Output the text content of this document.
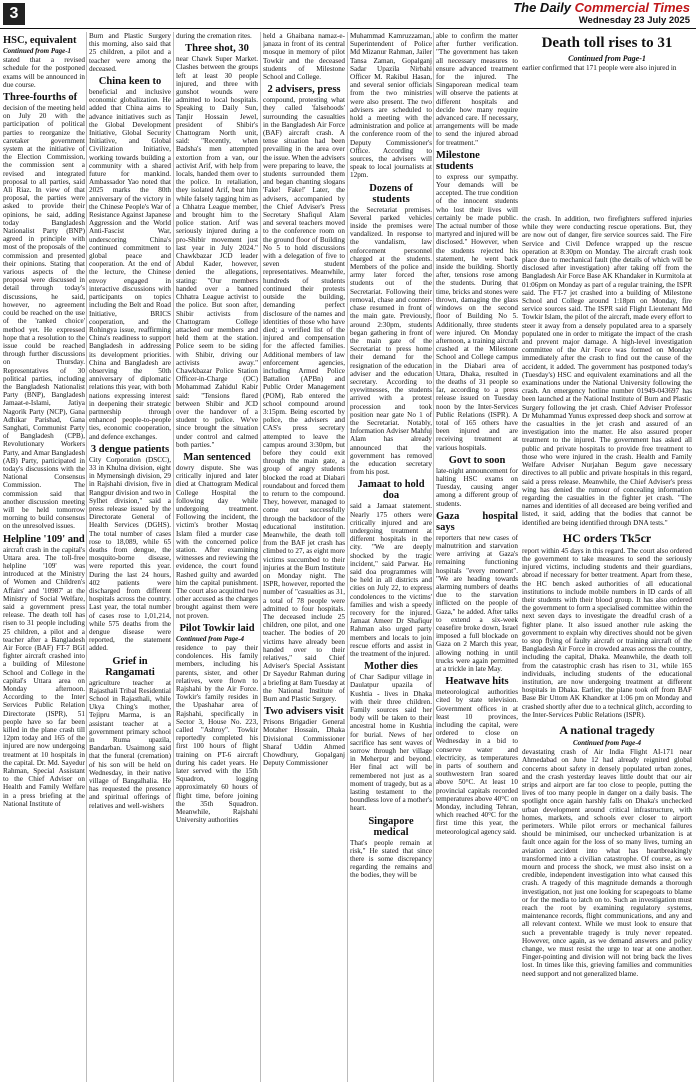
3	The Daily Commercial Times
Wednesday 23 July 2025
HSC, equivalent
Continued from Page-1

stated that a revised schedule for the postponed exams will be announced in due course.

Three-fourths of

decision of the meeting held on July 20 with the participation of political parties to reorganize the caretaker government system at the initiative of the Election Commission, the commission sent a revised and integrated proposal to all parties, said Ali Riaz. In view of that proposal, the parties were asked to provide their opinions, he said, adding today Bangladesh Nationalist Party (BNP) agreed in principle with most of the proposals of the commission and presented their opinions. Stating that various aspects of the proposal were discussed in detail through today's discussions, he said, however, no agreement could be reached on the use of the 'ranked choice' method yet. He expressed hope that a resolution to the issue could be reached through further discussions on Thursday. Representatives of 30 political parties, including the Bangladesh Nationalist Party (BNP), Bangladesh Jamaat-e-Islami, Jatiya Nagorik Party (NCP), Gana Adhikar Parishad, Gana Sanghati, Communist Party of Bangladesh (CPB), Revolutionary Workers Party, and Amar Bangladesh (AB) Party, participated in today's discussions with the National Consensus Commission. The commission said that another discussion meeting will be held tomorrow morning to build consensus on the unresolved issues.

Helpline '109' and

aircraft crash in the capital's Uttara area. The toll-free helpline '109' was introduced at the Ministry of Women and Children's Affairs' and '10987' at the Ministry of Social Welfare, said a government press release. The death toll has risen to 31 people including 25 children, a pilot and a teacher after a Bangladesh Air Force (BAF) FT-7 BGI fighter aircraft crashed into a building of Milestone School and College in the capital's Uttara area on Monday afternoon. According to the Inter Services Public Relation Directorate (ISPR), 51 people have so far been killed in the plane crash till 12pm today and 165 of the injured are now undergoing treatment at 10 hospitals in the capital. Dr. Md. Sayedur Rahman, Special Assistant to the Chief Adviser on Health and Family Welfare in a press briefing at the National Institute of

Burn and Plastic Surgery this morning, also said that 25 children, a pilot and a teacher were among the deceased.

China keen to

beneficial and inclusive economic globalization. He added that China aims to advance initiatives such as the Global Development Initiative, Global Security Initiative, and Global Civilization Initiative, working towards building a community with a shared future for mankind. Ambassador Yao noted that 2025 marks the 80th anniversary of the victory in the Chinese People's War of Resistance Against Japanese Aggression and the World Anti-Fascist War, underscoring China's continued commitment to global peace and cooperation. At the end of the lecture, the Chinese envoy engaged in interactive discussions with participants on topics including the Belt and Road Initiative, BRICS cooperation, and the Rohingya issue, reaffirming China's readiness to support Bangladesh in addressing its development priorities. China and Bangladesh are observing the 50th anniversary of diplomatic relations this year, with both nations expressing interest in deepening their strategic partnership through enhanced people-to-people ties, economic cooperation, and defence exchanges.

3 dengue patients

City Corporation (DSCC), 33 in Khulna division, eight in Mymensingh division, 29 in Rajshahi division, five in Rangpur division and two in Sylhet division," said a press release issued by the Directorate General of Health Services (DGHS). The total number of cases rose to 18,089, while 65 deaths from dengue, the mosquito-borne disease, were reported this year. During the last 24 hours, 402 patients were discharged from different hospitals across the country. Last year, the total number of cases rose to 1,01,214, while 575 deaths from the dengue disease were reported, the statement added.

Grief in Rangamati

agriculture teacher at Rajasthali Tribal Residential School in Rajasthali, while Ukya Ching's mother, Tejipru Marma, is an assistant teacher at a government primary school in Ruma upazila, Bandarban. Usaimong said that the funeral (cremation) of his son will be held on Wednesday, in their native village of Bangalhalia. He has requested the presence and spiritual offerings of relatives and well-wishers

during the cremation rites.

Three shot, 30

near Chawk Super Market. Clashes between the groups left at least 30 people injured, and three with gunshot wounds were admitted to local hospitals. Speaking to Daily Sun, Tanjir Hossain Jewel, president of Shibir's Chattogram North unit, said: "Recently, when Badsha's men attempted extortion from a van, our activist Arif, with help from locals, handed them over to the police. In retaliation, they isolated Arif, beat him while falsely tagging him as a Chhatra League member, and brought him to the police station. Arif was seriously injured during a pro-Shibir movement just last year in July 2024." Chawkbazar JCD leader Abdul Kader, however, denied the allegations, stating: "Our members handed over a banned Chhatra League activist to the police. But soon after, Shibir activists from Chattogram College attacked our members and held them at the station. Police seem to be siding with Shibir, driving our activists away." Chawkbazar Police Station Officer-in-Charge (OC) Mohammad Zahidul Kabir said: "Tensions flared between Shibir and JCD over the handover of a student to police. We've since brought the situation under control and calmed both parties."

Man sentenced

dowry dispute. She was critically injured and later died at Chattogram Medical College Hospital the following day while undergoing treatment. Following the incident, the victim's brother Mostaq Islam filed a murder case with the concerned police station. After examining witnesses and reviewing the evidence, the court found Rashed guilty and awarded him the capital punishment. The court also acquitted two other accused as the charges brought against them were not proven.

Pilot Towkir laid
Continued from Page-4

residence to pay their condolences. His family members, including his parents, sister, and other relatives, were flown to Rajshahi by the Air Force. Towkir's family resides in the Upashahar area of Rajshahi, specifically in Sector 3, House No. 223, called "Ashroy". Towkir reportedly completed his first 100 hours of flight training on PT-6 aircraft during his cadet years. He later served with the 15th Squadron, logging approximately 60 hours of flight time, before joining the 35th Squadron. Meanwhile, Rajshahi University authorities

held a Ghaibana namaz-e-janaza in front of its central mosque in memory of pilot Towkir and the deceased students of Milestone School and College.

2 advisers, press

compound, protesting what they called 'falsehoods' surrounding the casualties in the Bangladesh Air Force (BAF) aircraft crash. A tense situation had been prevailing in the area over the issue. When the advisers were preparing to leave, the students surrounded them and began chanting slogans 'Fake! Fake!' Later, the advisers, accompanied by the Chief Adviser's Press Secretary Shafiqul Alam and several teachers moved to the conference room on the ground floor of Building No 5 to hold discussions with a delegation of five to seven student representatives. Meanwhile, hundreds of students continued their protests outside the building, demanding perfect disclosure of the names and identities of those who have died; a verified list of the injured and compensation for the affected families. Additional members of law enforcement agencies, including Armed Police Battalion (APBn) and Public Order Management (POM), Rab entered the school compound around 3:15pm. Being escorted by police, the advisers and CAS's press secretary attempted to leave the campus around 3:30pm, but before they could exit through the main gate, a group of angry students blocked the road at Diabari roundabout and forced them to return to the compound. They, however, managed to come out successfully through the backdoor of the educational institution. Meanwhile, the death toll from the BAF jet crash has climbed to 27, as eight more victims succumbed to their injuries at the Burn Institute on Monday night. The ISPR, however, reported the number of "casualties as 31, a total of 78 people were admitted to four hospitals. The deceased include 25 children, one pilot, and one teacher. The bodies of 20 victims have already been handed over to their relatives," said Chief Adviser's Special Assistant Dr Sayedur Rahman during a briefing at 8am Tuesday at the National Institute of Burn and Plastic Surgery.

Two advisers visit

Prisons Brigadier General Motaher Hossain, Dhaka Divisional Commissioner Sharaf Uddin Ahmed Chowdhury, Gopalganj Deputy Commissioner

Muhammad Kamruzzaman, Superintendent of Police Md Mizanur Rahman, Jailer Tansa Zaman, Gopalganj Sadar Upazila Nirbahi Officer M. Rakibul Hasan, and several senior officials from the two ministries were also present. The two advisers are scheduled to hold a meeting with the administration and police at the conference room of the Deputy Commissioner's Office. According to sources, the advisers will speak to local journalists at 12pm.

Dozens of students

the Secretariat premises. Several parked vehicles inside the premises were vandalized. In response to the vandalism, law enforcement personnel charged at the students. Members of the police and army later forced the students out of the Secretariat. Following their removal, chase and counter-chase resumed in front of the main gate. Previously, around 2:30pm, students began gathering in front of the main gate of the Secretariat to press home their demand for the resignation of the education adviser and the education secretary. According to eyewitnesses, the students arrived with a protest procession and took position near gate No 1 of the Secretariat. Notably, Information Adviser Mahfuj Alam has already announced that the government has removed the education secretary from his post.

Jamaat to hold doa

said a Jamaat statement. Nearly 175 others were critically injured and are undergoing treatment at different hospitals in the city. "We are deeply shocked by the tragic incident," said Parwar. He said doa programmes will be held in all districts and cities on July 22, to express condolences to the victims' families and wish a speedy recovery for the injured. Jamaat Ameer Dr Shafiqur Rahman also urged party members and locals to join rescue efforts and assist in the treatment of the injured.

Mother dies

of Char Sadipur village in Daulatpur upazila of Kushtia - lives in Dhaka with their three children. Family sources said her body will be taken to their ancestral home in Kushtia for burial. News of her sacrifice has sent waves of sorrow through her village in Meherpur and beyond. Her final act will be remembered not just as a moment of tragedy, but as a lasting testament to the boundless love of a mother's heart.

Singapore medical

That's people remain at risk," He stated that since there is some discrepancy regarding the remains and the bodies, they will be

able to confirm the matter after further verification. "The government has taken all necessary measures to ensure advanced treatment for the injured. The Singaporean medical team will observe the patients at different hospitals and decide how many require advanced care. If necessary, arrangements will be made to send the injured abroad for treatment."

Milestone students

to express our sympathy. Your demands will be accepted. The true condition of the innocent students who lost their lives will certainly be made public. The actual number of those martyred and injured will be disclosed." However, when the students rejected his statement, he went back inside the building. Shortly after, tensions rose among the students. During that time, bricks and stones were thrown, damaging the glass windows on the second floor of Building No 5. Additionally, three students were injured. On Monday afternoon, a training aircraft crashed at the Milestone School and College campus in the Diabari area of Uttara, Dhaka, resulted in the deaths of 31 people so far, according to a press release issued on Tuesday noon by the Inter-Services Public Relations (ISPR). A total of 165 others have been injured and are receiving treatment at various hospitals.

Govt to soon

late-night announcement for halting HSC exams on Tuesday, causing anger among a different group of students.

Gaza hospital says

reporters that new cases of malnutrition and starvation were arriving at Gaza's remaining functioning hospitals "every moment". "We are heading towards alarming numbers of deaths due to the starvation inflicted on the people of Gaza," he added. After talks to extend a six-week ceasefire broke down, Israel imposed a full blockade on Gaza on 2 March this year, allowing nothing in until trucks were again permitted at a trickle in late May.

Heatwave hits

meteorological authorities cited by state television. Government offices in at least 10 provinces, including the capital, were ordered to close on Wednesday in a bid to conserve water and electricity, as temperatures in parts of southern and southwestern Iran soared above 50°C. At least 10 provincial capitals recorded temperatures above 40°C on Monday, including Tehran, which reached 40°C for the first time this year, the meteorological agency said.

Death toll rises to 31
Continued from Page-1

earlier confirmed that 171 people were also injured in

the crash. In addition, two firefighters suffered injuries while they were conducting rescue operations. But, they are now out of danger, fire service sources said. The Fire Service and Civil Defence wrapped up the rescue operation at 8:30pm on Monday. The aircraft crash took place due to mechanical fault (the details of which will be disclosed after investigation) after taking off from the Bangladesh Air Force Base AK Khandaker in Kurmitola at 01:06pm on Monday as part of a regular training, the ISPR said. The FT-7 jet crashed into a building of Milestone School and College around 1:18pm on Monday, fire service sources said. The ISPR said Flight Lieutenant Md Towkir Islam, the pilot of the aircraft, made every effort to steer it away from a densely populated area to a sparsely populated one in order to mitigate the impact of the crash and prevent major damage. A high-level investigation committee of the Air Force was formed on Monday immediately after the crash to find out the cause of the accident, it added. The government has postponed today's (Tuesday's) HSC and equivalent examinations and all the examinations under the National University following the crash. An emergency hotline number 01949-043697 has been launched at the National Institute of Burn and Plastic Surgery following the jet crash. Chief Adviser Professor Dr Muhammad Yunus expressed deep shock and sorrow at the casualties in the jet crash and assured of an investigation into the matter. He also assured proper treatment to the injured. The government has asked all public and private hospitals to provide free treatment to those who were injured in the crash. Health and Family Welfare Adviser Nurjahan Begum gave necessary directives to all public and private hospitals in this regard, said a press release. Meanwhile, the Chief Adviser's press wing has denied the rumour of concealing information regarding the casualties in the fighter jet crash. "The names and identities of all deceased are being verified and listed, it said, adding that the bodies that cannot be identified are being identified through DNA tests."

HC orders Tk5cr

report within 45 days in this regard. The court also ordered the government to take measures to send the seriously injured victims, including students and their guardians, abroad if necessary for better treatment. Apart from these, the HC bench asked authorities of all educational institutions to include mobile numbers in ID cards of all their students with their blood group. It has also ordered the government to form a specialised committee within the next seven days to investigate the dreadful crash of a fighter plane. It also issued another rule asking the government to explain why directives should not be given to stop flying of faulty aircraft or training aircraft of the Bangladesh Air Force in crowded areas across the country, including the capital, Dhaka. Meanwhile, the death toll from the catastrophic crash has risen to 31, while 165 individuals, including students of the educational institution, are now undergoing treatment at different hospitals in Dhaka. Earlier, the plane took off from BAF Base Bir Uttom AK Khandker at 1:06 pm on Monday and crashed shortly after due to a technical glitch, according to the Inter-Services Public Relations (ISPR).

A national tragedy
Continued from Page-4

devastating crash of Air India Flight AI-171 near Ahmedabad on June 12 had already reignited global concerns about safety in densely populated urban zones, and the crash yesterday leaves little doubt that our air strips and airport are far too close to people, putting the lives of too many people in danger on a daily basis. The spotlight once again harshly falls on Dhaka's unchecked urban development around critical infrastructure, with homes, markets, and schools ever closer to airport perimeters. While pilot errors or mechanical failures should be minimised, our unchecked urbanization is at fault once again for the loss of so many lives, turning an aviation accident into what has heartbreakingly transformed into a civilian catastrophe. Of course, as we mourn and process the shock, we must also insist on a credible, independent investigation into what caused this crash. A tragedy of this magnitude demands a thorough investigation, not just one looking for scapegoats to blame or for the media to latch on to. Such an investigation must reach the root by examining regulatory systems, maintenance records, flight communications, and any and all relevant context. While we must look to ensure that such a preventable tragedy is truly never repeated. However, once again, as we demand answers and policy change, we must resist the urge to tear at one another. Finger-pointing and division will not bring back the lives lost. In times like this, grieving families and communities need support and not generalized blame.
